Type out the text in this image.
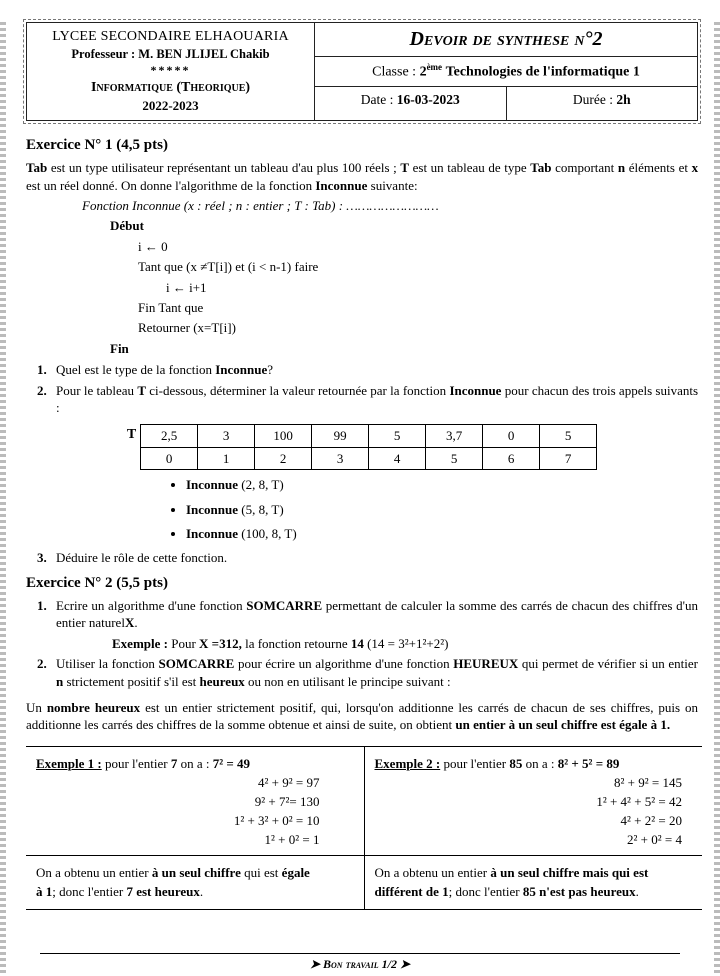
LYCEE SECONDAIRE ELHAOUARIA
Professeur : M. BEN JLIJEL Chakib
*****
Informatique (Theorique)
2022-2023
Devoir de synthese n°2
Classe : 2ème Technologies de l'informatique 1
Date : 16-03-2023	Durée : 2h
Exercice N° 1 (4,5 pts)

Tab est un type utilisateur représentant un tableau d'au plus 100 réels ; T est un tableau de type Tab comportant n éléments et x est un réel donné. On donne l'algorithme de la fonction Inconnue suivante:

Fonction Inconnue (x : réel ; n : entier ; T : Tab) : ……………………

Début

i ← 0

Tant que (x ≠T[i]) et (i < n-1) faire

i ← i+1

Fin Tant que

Retourner (x=T[i])

Fin

1. Quel est le type de la fonction Inconnue?
2. Pour le tableau T ci-dessous, déterminer la valeur retournée par la fonction Inconnue pour chacun des trois appels suivants :
T 2,5	3	100	99	5	3,7	0	5
0	1	2	3	4	5	6	7
• Inconnue (2, 8, T)
• Inconnue (5, 8, T)
• Inconnue (100, 8, T)
3. Déduire le rôle de cette fonction.
Exercice N° 2 (5,5 pts)
1. Ecrire un algorithme d'une fonction SOMCARRE permettant de calculer la somme des carrés de chacun des chiffres d'un entier naturelX.

Exemple : Pour X =312, la fonction retourne 14 (14 = 3²+1²+2²)

2. Utiliser la fonction SOMCARRE pour écrire un algorithme d'une fonction HEUREUX qui permet de vérifier si un entier n strictement positif s'il est heureux ou non en utilisant le principe suivant :

Un nombre heureux est un entier strictement positif, qui, lorsqu'on additionne les carrés de chacun de ses chiffres, puis on additionne les carrés des chiffres de la somme obtenue et ainsi de suite, on obtient un entier à un seul chiffre est égale à 1.

Exemple 1 : pour l'entier 7 on a : 7² = 49

4² + 9² = 97

9² + 7²= 130

1² + 3² + 0² = 10

1² + 0² = 1

Exemple 2 : pour l'entier 85 on a : 8² + 5² = 89

8² + 9² = 145

1² + 4² + 5² = 42

4² + 2² = 20

2² + 0² = 4

On a obtenu un entier à un seul chiffre qui est égale

à 1; donc l'entier 7 est heureux.

On a obtenu un entier à un seul chiffre mais qui est

différent de 1; donc l'entier 85 n'est pas heureux.

➤ Bon travail 1/2 ➤
